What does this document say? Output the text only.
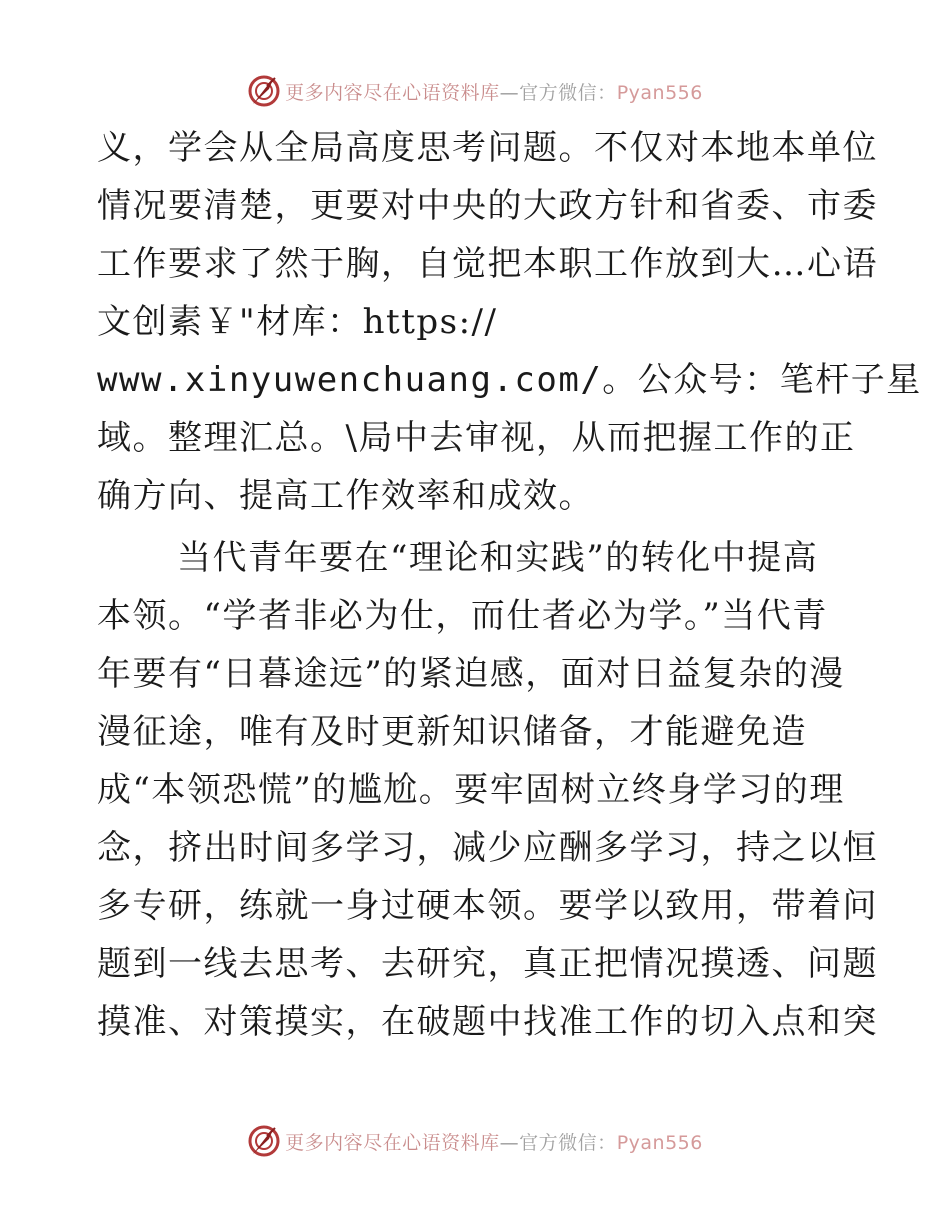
更多内容尽在心语资料库—官方微信：Pyan556
义，学会从全局高度思考问题。不仅对本地本单位
情况要清楚，更要对中央的大政方针和省委、市委
工作要求了然于胸，自觉把本职工作放到大…心语
文创素￥"材库：https://
www.xinyuwenchuang.com/。公众号：笔杆子星
域。整理汇总。\局中去审视，从而把握工作的正
确方向、提高工作效率和成效。
当代青年要在“理论和实践”的转化中提高
本领。“学者非必为仕，而仕者必为学。”当代青
年要有“日暮途远”的紧迫感，面对日益复杂的漫
漫征途，唯有及时更新知识储备，才能避免造
成“本领恐慌”的尴尬。要牢固树立终身学习的理
念，挤出时间多学习，减少应酬多学习，持之以恒
多专研，练就一身过硬本领。要学以致用，带着问
题到一线去思考、去研究，真正把情况摸透、问题
摸准、对策摸实，在破题中找准工作的切入点和突
更多内容尽在心语资料库—官方微信：Pyan556
